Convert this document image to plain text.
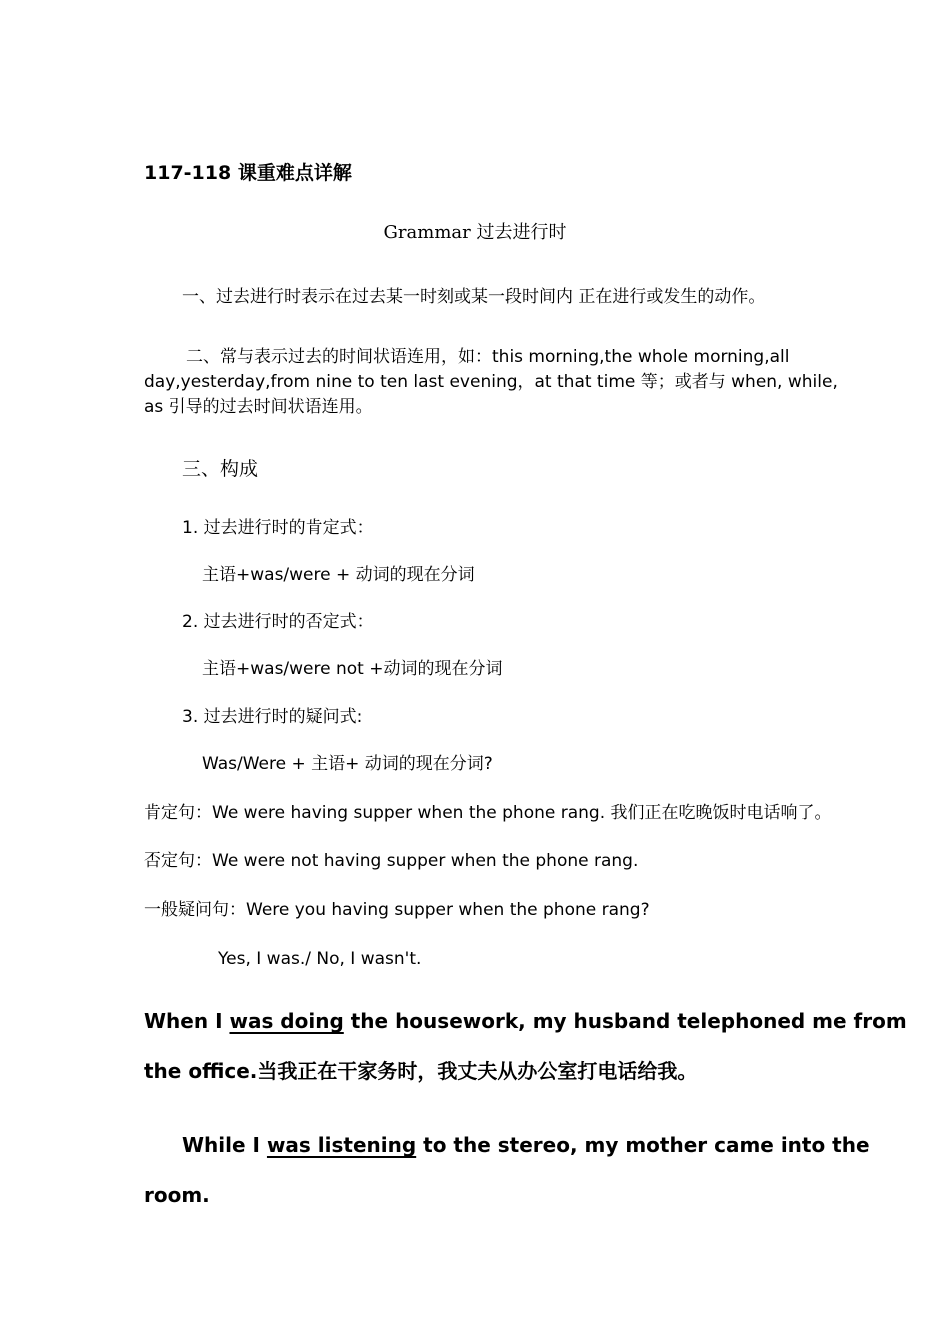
117-118 课重难点详解
Grammar 过去进行时
一、过去进行时表示在过去某一时刻或某一段时间内 正在进行或发生的动作。
二、常与表示过去的时间状语连用，如：this morning,the whole morning,all
day,yesterday,from nine to ten last evening，at that time 等；或者与 when, while,
as 引导的过去时间状语连用。
三、构成
1. 过去进行时的肯定式：
主语+was/were + 动词的现在分词
2. 过去进行时的否定式：
主语+was/were not +动词的现在分词
3. 过去进行时的疑问式:
Was/Were + 主语+ 动词的现在分词?
肯定句：We were having supper when the phone rang. 我们正在吃晚饭时电话响了。
否定句：We were not having supper when the phone rang.
一般疑问句：Were you having supper when the phone rang?
Yes, I was./ No, I wasn't.
When I was doing the housework, my husband telephoned me from
the office.当我正在干家务时，我丈夫从办公室打电话给我。
While I was listening to the stereo, my mother came into the
room.
